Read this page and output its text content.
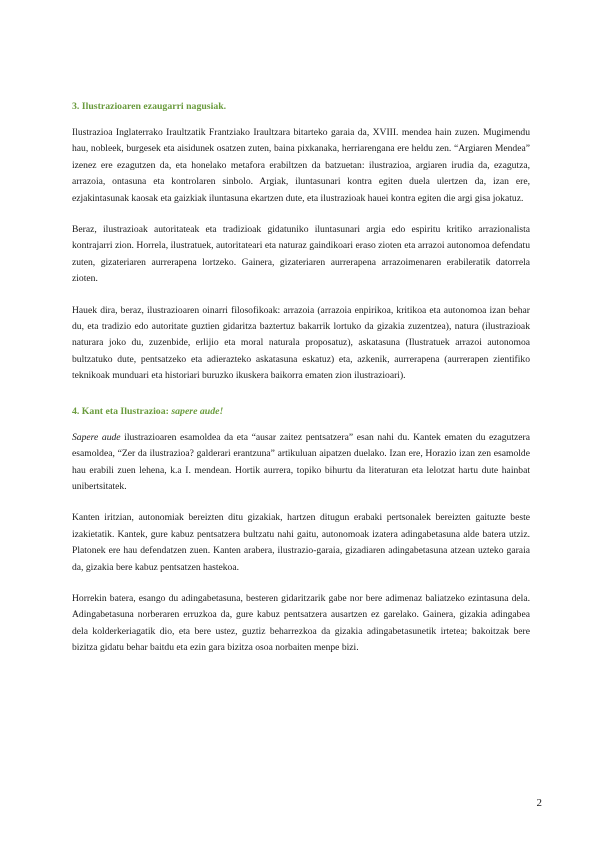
3. Ilustrazioaren ezaugarri nagusiak.

Ilustrazioa Inglaterrako Iraultzatik Frantziako Iraultzara bitarteko garaia da, XVIII. mendea hain zuzen. Mugimendu hau, nobleek, burgesek eta aisidunek osatzen zuten, baina pixkanaka, herriarengana ere heldu zen. “Argiaren Mendea” izenez ere ezagutzen da, eta honelako metafora erabiltzen da batzuetan: ilustrazioa, argiaren irudia da, ezagutza, arrazoia, ontasuna eta kontrolaren sinbolo. Argiak, iluntasunari kontra egiten duela ulertzen da, izan ere, ezjakintasunak kaosak eta gaizkiak iluntasuna ekartzen dute, eta ilustrazioak hauei kontra egiten die argi gisa jokatuz.

Beraz, ilustrazioak autoritateak eta tradizioak gidatuniko iluntasunari argia edo espiritu kritiko arrazionalista kontrajarri zion. Horrela, ilustratuek, autoritateari eta naturaz gaindikoari eraso zioten eta arrazoi autonomoa defendatu zuten, gizateriaren aurrerapena lortzeko. Gainera, gizateriaren aurrerapena arrazoimenaren erabileratik datorrela zioten.

Hauek dira, beraz, ilustrazioaren oinarri filosofikoak: arrazoia (arrazoia enpirikoa, kritikoa eta autonomoa izan behar du, eta tradizio edo autoritate guztien gidaritza baztertuz bakarrik lortuko da gizakia zuzentzea), natura (ilustrazioak naturara joko du, zuzenbide, erlijio eta moral naturala proposatuz), askatasuna (Ilustratuek arrazoi autonomoa bultzatuko dute, pentsatzeko eta adierazteko askatasuna eskatuz) eta, azkenik, aurrerapena (aurrerapen zientifiko teknikoak munduari eta historiari buruzko ikuskera baikorra ematen zion ilustrazioari).

4. Kant eta Ilustrazioa: sapere aude!

Sapere aude ilustrazioaren esamoldea da eta “ausar zaitez pentsatzera” esan nahi du. Kantek ematen du ezagutzera esamoldea, “Zer da ilustrazioa? galderari erantzuna” artikuluan aipatzen duelako. Izan ere, Horazio izan zen esamolde hau erabili zuen lehena, k.a I. mendean. Hortik aurrera, topiko bihurtu da literaturan eta lelotzat hartu dute hainbat unibertsitatek.

Kanten iritzian, autonomiak bereizten ditu gizakiak, hartzen ditugun erabaki pertsonalek bereizten gaituzte beste izakietatik. Kantek, gure kabuz pentsatzera bultzatu nahi gaitu, autonomoak izatera adingabetasuna alde batera utziz. Platonek ere hau defendatzen zuen. Kanten arabera, ilustrazio-garaia, gizadiaren adingabetasuna atzean uzteko garaia da, gizakia bere kabuz pentsatzen hastekoa.

Horrekin batera, esango du adingabetasuna, besteren gidaritzarik gabe nor bere adimenaz baliatzeko ezintasuna dela. Adingabetasuna norberaren erruzkoa da, gure kabuz pentsatzera ausartzen ez garelako. Gainera, gizakia adingabea dela kolderkeriagatik dio, eta bere ustez, guztiz beharrezkoa da gizakia adingabetasunetik irtetea; bakoitzak bere bizitza gidatu behar baitdu eta ezin gara bizitza osoa norbaiten menpe bizi.

2
